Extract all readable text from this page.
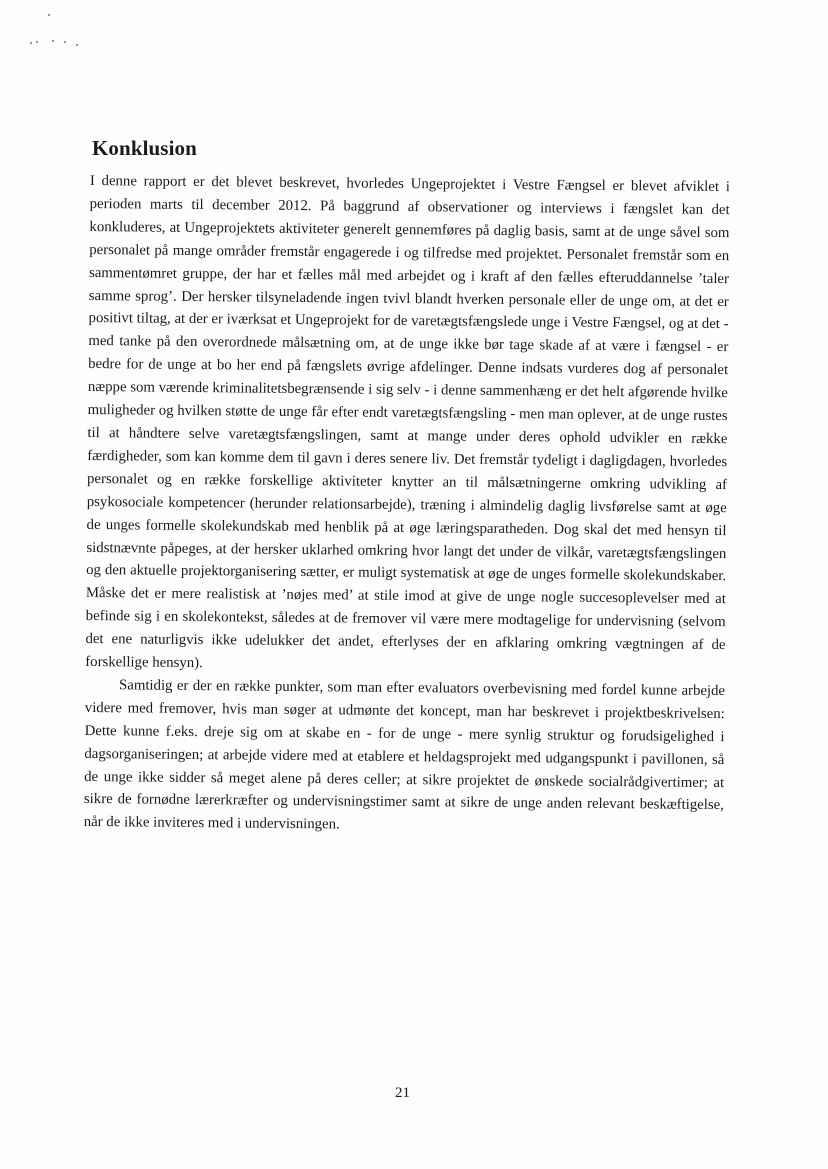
Konklusion

I denne rapport er det blevet beskrevet, hvorledes Ungeprojektet i Vestre Fængsel er blevet afviklet i perioden marts til december 2012. På baggrund af observationer og interviews i fængslet kan det konkluderes, at Ungeprojektets aktiviteter generelt gennemføres på daglig basis, samt at de unge såvel som personalet på mange områder fremstår engagerede i og tilfredse med projektet. Personalet fremstår som en sammentømret gruppe, der har et fælles mål med arbejdet og i kraft af den fælles efteruddannelse ’taler samme sprog’. Der hersker tilsyneladende ingen tvivl blandt hverken personale eller de unge om, at det er positivt tiltag, at der er iværksat et Ungeprojekt for de varetægtsfængslede unge i Vestre Fængsel, og at det - med tanke på den overordnede målsætning om, at de unge ikke bør tage skade af at være i fængsel - er bedre for de unge at bo her end på fængslets øvrige afdelinger. Denne indsats vurderes dog af personalet næppe som værende kriminalitetsbegrænsende i sig selv - i denne sammenhæng er det helt afgørende hvilke muligheder og hvilken støtte de unge får efter endt varetægtsfængsling - men man oplever, at de unge rustes til at håndtere selve varetægtsfængslingen, samt at mange under deres ophold udvikler en række færdigheder, som kan komme dem til gavn i deres senere liv. Det fremstår tydeligt i dagligdagen, hvorledes personalet og en række forskellige aktiviteter knytter an til målsætningerne omkring udvikling af psykosociale kompetencer (herunder relationsarbejde), træning i almindelig daglig livsførelse samt at øge de unges formelle skolekundskab med henblik på at øge læringsparatheden. Dog skal det med hensyn til sidstnævnte påpeges, at der hersker uklarhed omkring hvor langt det under de vilkår, varetægtsfængslingen og den aktuelle projektorganisering sætter, er muligt systematisk at øge de unges formelle skolekundskaber. Måske det er mere realistisk at ’nøjes med’ at stile imod at give de unge nogle succesoplevelser med at befinde sig i en skolekontekst, således at de fremover vil være mere modtagelige for undervisning (selvom det ene naturligvis ikke udelukker det andet, efterlyses der en afklaring omkring vægtningen af de forskellige hensyn).

Samtidig er der en række punkter, som man efter evaluators overbevisning med fordel kunne arbejde videre med fremover, hvis man søger at udmønte det koncept, man har beskrevet i projektbeskrivelsen: Dette kunne f.eks. dreje sig om at skabe en - for de unge - mere synlig struktur og forudsigelighed i dagsorganiseringen; at arbejde videre med at etablere et heldagsprojekt med udgangspunkt i pavillonen, så de unge ikke sidder så meget alene på deres celler; at sikre projektet de ønskede socialrådgivertimer; at sikre de fornødne lærerkræfter og undervisningstimer samt at sikre de unge anden relevant beskæftigelse, når de ikke inviteres med i undervisningen.

21
